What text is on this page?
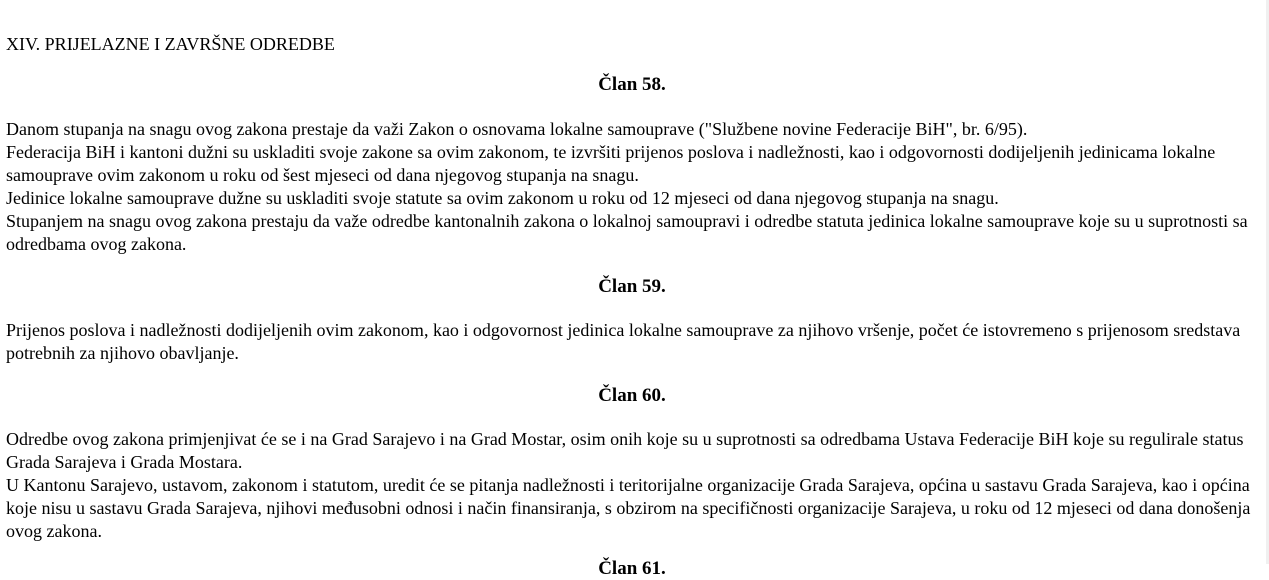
XIV. PRIJELAZNE I ZAVRŠNE ODREDBE
Član 58.

Danom stupanja na snagu ovog zakona prestaje da važi Zakon o osnovama lokalne samouprave ("Službene novine Federacije BiH", br. 6/95).

Federacija BiH i kantoni dužni su uskladiti svoje zakone sa ovim zakonom, te izvršiti prijenos poslova i nadležnosti, kao i odgovornosti dodijeljenih jedinicama lokalne samouprave ovim zakonom u roku od šest mjeseci od dana njegovog stupanja na snagu.

Jedinice lokalne samouprave dužne su uskladiti svoje statute sa ovim zakonom u roku od 12 mjeseci od dana njegovog stupanja na snagu.

Stupanjem na snagu ovog zakona prestaju da važe odredbe kantonalnih zakona o lokalnoj samoupravi i odredbe statuta jedinica lokalne samouprave koje su u suprotnosti sa odredbama ovog zakona.

Član 59.

Prijenos poslova i nadležnosti dodijeljenih ovim zakonom, kao i odgovornost jedinica lokalne samouprave za njihovo vršenje, počet će istovremeno s prijenosom sredstava potrebnih za njihovo obavljanje.

Član 60.

Odredbe ovog zakona primjenjivat će se i na Grad Sarajevo i na Grad Mostar, osim onih koje su u suprotnosti sa odredbama Ustava Federacije BiH koje su regulirale status Grada Sarajeva i Grada Mostara.

U Kantonu Sarajevo, ustavom, zakonom i statutom, uredit će se pitanja nadležnosti i teritorijalne organizacije Grada Sarajeva, općina u sastavu Grada Sarajeva, kao i općina koje nisu u sastavu Grada Sarajeva, njihovi međusobni odnosi i način finansiranja, s obzirom na specifičnosti organizacije Sarajeva, u roku od 12 mjeseci od dana donošenja ovog zakona.

Član 61.
